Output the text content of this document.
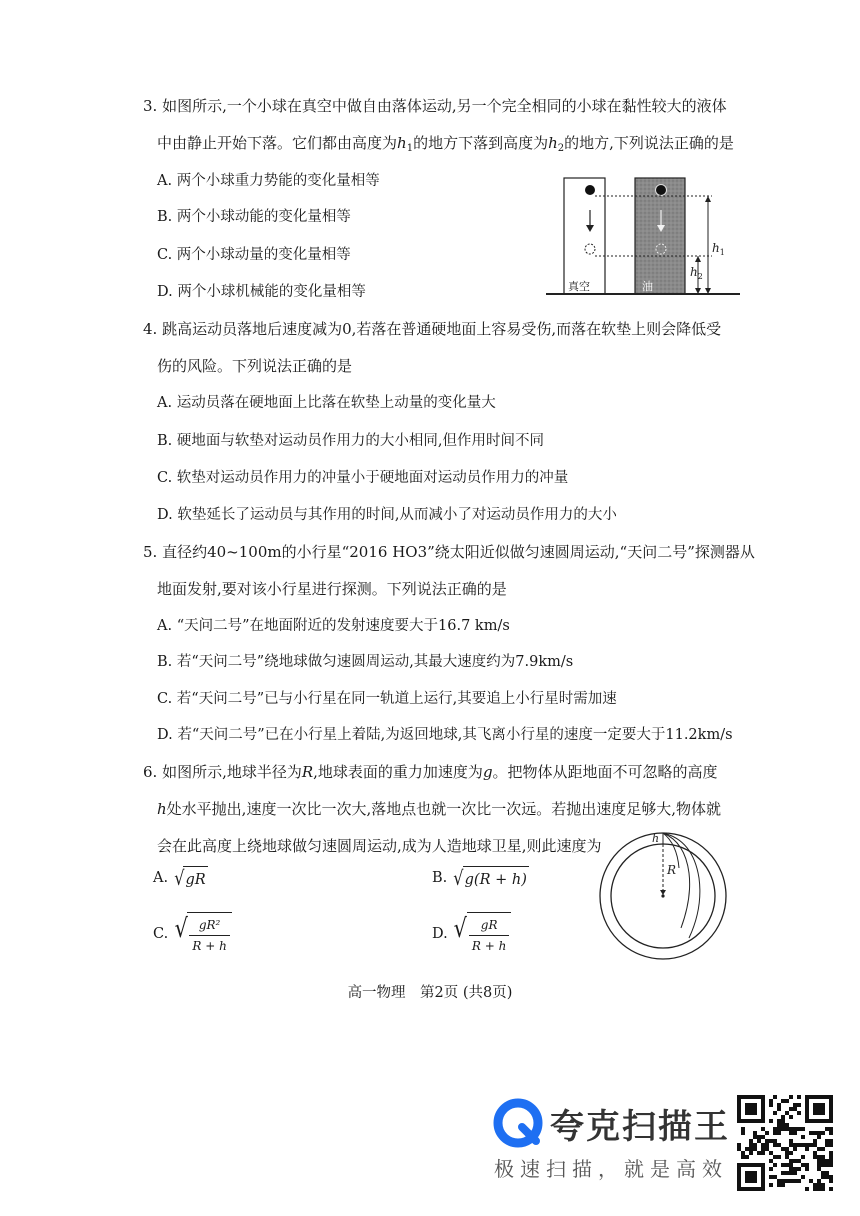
3. 如图所示,一个小球在真空中做自由落体运动,另一个完全相同的小球在黏性较大的液体
中由静止开始下落。它们都由高度为$h_1$的地方下落到高度为$h_2$的地方,下列说法正确的是
A. 两个小球重力势能的变化量相等
B. 两个小球动能的变化量相等
C. 两个小球动量的变化量相等
D. 两个小球机械能的变化量相等
$h_1$
$h_2$
真空	油
4. 跳高运动员落地后速度减为0,若落在普通硬地面上容易受伤,而落在软垫上则会降低受
伤的风险。下列说法正确的是
A. 运动员落在硬地面上比落在软垫上动量的变化量大
B. 硬地面与软垫对运动员作用力的大小相同,但作用时间不同
C. 软垫对运动员作用力的冲量小于硬地面对运动员作用力的冲量
D. 软垫延长了运动员与其作用的时间,从而减小了对运动员作用力的大小
5. 直径约40~100m的小行星“2016 HO3”绕太阳近似做匀速圆周运动,“天问二号”探测器从
地面发射,要对该小行星进行探测。下列说法正确的是
A. “天问二号”在地面附近的发射速度要大于16.7 km/s
B. 若“天问二号”绕地球做匀速圆周运动,其最大速度约为7.9km/s
C. 若“天问二号”已与小行星在同一轨道上运行,其要追上小行星时需加速
D. 若“天问二号”已在小行星上着陆,为返回地球,其飞离小行星的速度一定要大于11.2km/s
6. 如图所示,地球半径为R,地球表面的重力加速度为g。把物体从距地面不可忽略的高度
h处水平抛出,速度一次比一次大,落地点也就一次比一次远。若抛出速度足够大,物体就
会在此高度上绕地球做匀速圆周运动,成为人造地球卫星,则此速度为
A.
√ gR	B.
√ g(R + h)
C.
√ $\frac{\text{gR²}}{R + h}$	D.
√ $\frac{gR}{R + h}$
h
R
高一物理　第2页 (共8页)
夸克扫描王
极速扫描，就是高效
